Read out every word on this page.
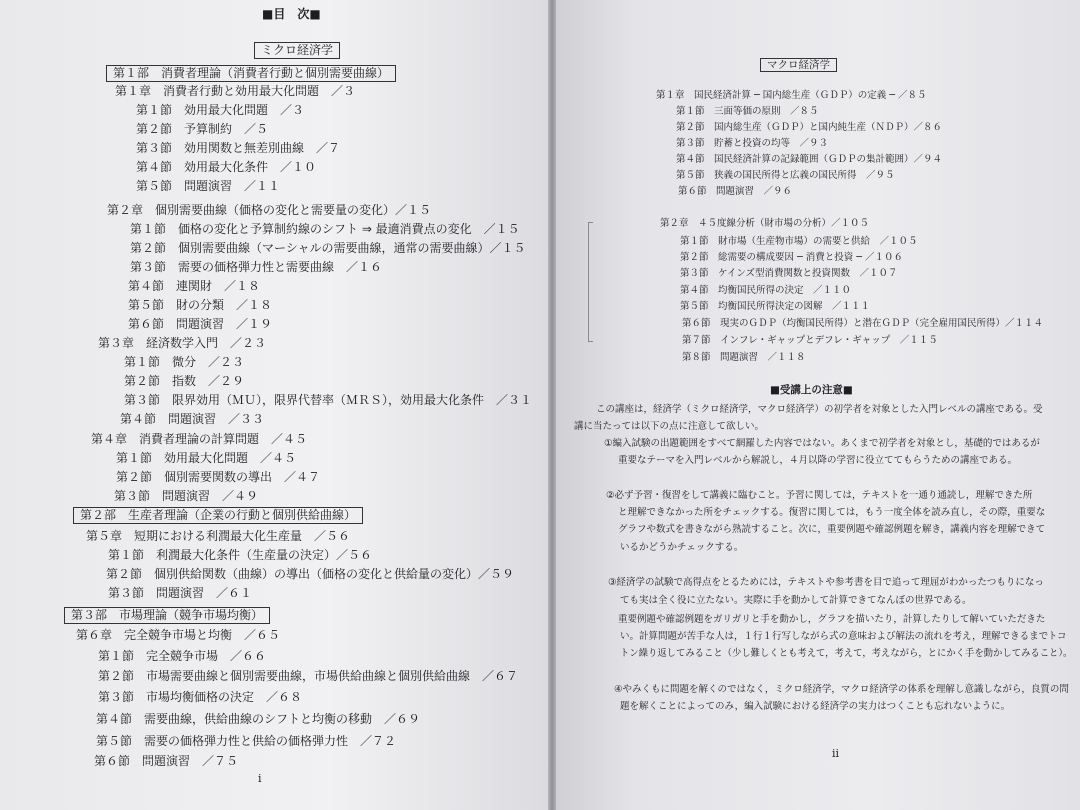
■目　次■
ミクロ経済学
第１部　消費者理論（消費者行動と個別需要曲線）
第１章　消費者行動と効用最大化問題　／３
第１節　効用最大化問題　／３
第２節　予算制約　／５
第３節　効用関数と無差別曲線　／７
第４節　効用最大化条件　／１０
第５節　問題演習　／１１
第２章　個別需要曲線（価格の変化と需要量の変化）／１５
第１節　価格の変化と予算制約線のシフト ⇒ 最適消費点の変化　／１５
第２節　個別需要曲線（マーシャルの需要曲線，通常の需要曲線）／１５
第３節　需要の価格弾力性と需要曲線　／１６
第４節　連関財　／１８
第５節　財の分類　／１８
第６節　問題演習　／１９
第３章　経済数学入門　／２３
第１節　微分　／２３
第２節　指数　／２９
第３節　限界効用（ＭＵ），限界代替率（ＭＲＳ），効用最大化条件　／３１
第４節　問題演習　／３３
第４章　消費者理論の計算問題　／４５
第１節　効用最大化問題　／４５
第２節　個別需要関数の導出　／４７
第３節　問題演習　／４９
第２部　生産者理論（企業の行動と個別供給曲線）
第５章　短期における利潤最大化生産量　／５６
第１節　利潤最大化条件（生産量の決定）／５６
第２節　個別供給関数（曲線）の導出（価格の変化と供給量の変化）／５９
第３節　問題演習　／６１
第３部　市場理論（競争市場均衡）
第６章　完全競争市場と均衡　／６５
第１節　完全競争市場　／６６
第２節　市場需要曲線と個別需要曲線，市場供給曲線と個別供給曲線　／６７
第３節　市場均衡価格の決定　／６８
第４節　需要曲線，供給曲線のシフトと均衡の移動　／６９
第５節　需要の価格弾力性と供給の価格弾力性　／７２
第６節　問題演習　／７５
i
マクロ経済学
第１章　国民経済計算 ─ 国内総生産（ＧＤＰ）の定義 ─ ／８５
第１節　三面等価の原則　／８５
第２節　国内総生産（ＧＤＰ）と国内純生産（ＮＤＰ）／８６
第３節　貯蓄と投資の均等　／９３
第４節　国民経済計算の記録範囲（ＧＤＰの集計範囲）／９４
第５節　狭義の国民所得と広義の国民所得　／９５
第６節　問題演習　／９６
第２章　４５度線分析（財市場の分析）／１０５
第１節　財市場（生産物市場）の需要と供給　／１０５
第２節　総需要の構成要因 ─ 消費と投資 ─ ／１０６
第３節　ケインズ型消費関数と投資関数　／１０７
第４節　均衡国民所得の決定　／１１０
第５節　均衡国民所得決定の図解　／１１１
第６節　現実のＧＤＰ（均衡国民所得）と潜在ＧＤＰ（完全雇用国民所得）／１１４
第７節　インフレ・ギャップとデフレ・ギャップ　／１１５
第８節　問題演習　／１１８
■受講上の注意■
この講座は，経済学（ミクロ経済学，マクロ経済学）の初学者を対象とした入門レベルの講座である。受
講に当たっては以下の点に注意して欲しい。
①編入試験の出題範囲をすべて網羅した内容ではない。あくまで初学者を対象とし，基礎的ではあるが
重要なテーマを入門レベルから解説し，４月以降の学習に役立ててもらうための講座である。
②必ず予習・復習をして講義に臨むこと。予習に関しては，テキストを一通り通読し，理解できた所
と理解できなかった所をチェックする。復習に関しては，もう一度全体を読み直し，その際，重要な
グラフや数式を書きながら熟読すること。次に，重要例題や確認例題を解き，講義内容を理解できて
いるかどうかチェックする。
③経済学の試験で高得点をとるためには，テキストや参考書を目で追って理屈がわかったつもりになっ
ても実は全く役に立たない。実際に手を動かして計算できてなんぼの世界である。
重要例題や確認例題をガリガリと手を動かし，グラフを描いたり，計算したりして解いていただきた
い。計算問題が苦手な人は，１行１行写しながら式の意味および解法の流れを考え，理解できるまでトコ
トン繰り返してみること（少し難しくとも考えて，考えて，考えながら，とにかく手を動かしてみること）。
④やみくもに問題を解くのではなく，ミクロ経済学，マクロ経済学の体系を理解し意識しながら，良質の問
題を解くことによってのみ，編入試験における経済学の実力はつくことも忘れないように。
ii
